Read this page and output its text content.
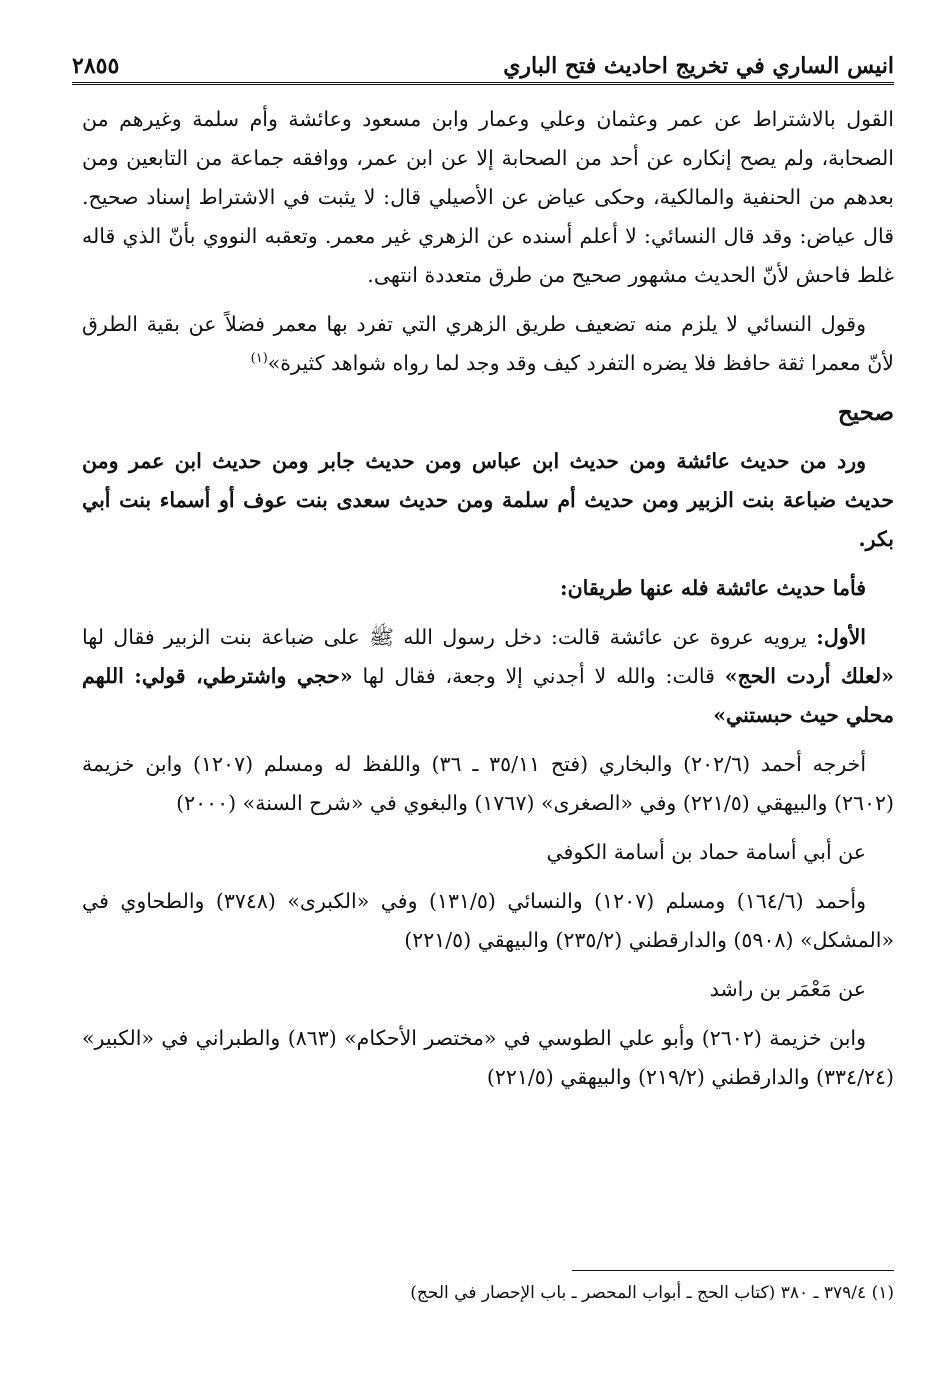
انيس الساري في تخريج احاديث فتح الباري
٢٨٥٥

القول بالاشتراط عن عمر وعثمان وعلي وعمار وابن مسعود وعائشة وأم سلمة وغيرهم من الصحابة، ولم يصح إنكاره عن أحد من الصحابة إلا عن ابن عمر، ووافقه جماعة من التابعين ومن بعدهم من الحنفية والمالكية، وحكى عياض عن الأصيلي قال: لا يثبت في الاشتراط إسناد صحيح. قال عياض: وقد قال النسائي: لا أعلم أسنده عن الزهري غير معمر. وتعقبه النووي بأنّ الذي قاله غلط فاحش لأنّ الحديث مشهور صحيح من طرق متعددة انتهى.

وقول النسائي لا يلزم منه تضعيف طريق الزهري التي تفرد بها معمر فضلاً عن بقية الطرق لأنّ معمرا ثقة حافظ فلا يضره التفرد كيف وقد وجد لما رواه شواهد كثيرة»$^{(١)}$

صحيح

ورد من حديث عائشة ومن حديث ابن عباس ومن حديث جابر ومن حديث ابن عمر ومن حديث ضباعة بنت الزبير ومن حديث أم سلمة ومن حديث سعدى بنت عوف أو أسماء بنت أبي بكر.

فأما حديث عائشة فله عنها طريقان:

الأول: يرويه عروة عن عائشة قالت: دخل رسول الله ﷺ على ضباعة بنت الزبير فقال لها «لعلك أردت الحج» قالت: والله لا أجدني إلا وجعة، فقال لها «حجي واشترطي، قولي: اللهم محلي حيث حبستني»

أخرجه أحمد (٢٠٢/٦) والبخاري (فتح ٣٥/١١ ـ ٣٦) واللفظ له ومسلم (١٢٠٧) وابن خزيمة (٢٦٠٢) والبيهقي (٢٢١/٥) وفي «الصغرى» (١٧٦٧) والبغوي في «شرح السنة» (٢٠٠٠)

عن أبي أسامة حماد بن أسامة الكوفي

وأحمد (١٦٤/٦) ومسلم (١٢٠٧) والنسائي (١٣١/٥) وفي «الكبرى» (٣٧٤٨) والطحاوي في «المشكل» (٥٩٠٨) والدارقطني (٢٣٥/٢) والبيهقي (٢٢١/٥)

عن مَعْمَر بن راشد

وابن خزيمة (٢٦٠٢) وأبو علي الطوسي في «مختصر الأحكام» (٨٦٣) والطبراني في «الكبير» (٣٣٤/٢٤) والدارقطني (٢١٩/٢) والبيهقي (٢٢١/٥)

(١) ٣٧٩/٤ ـ ٣٨٠ (كتاب الحج ـ أبواب المحصر ـ باب الإحصار في الحج)
